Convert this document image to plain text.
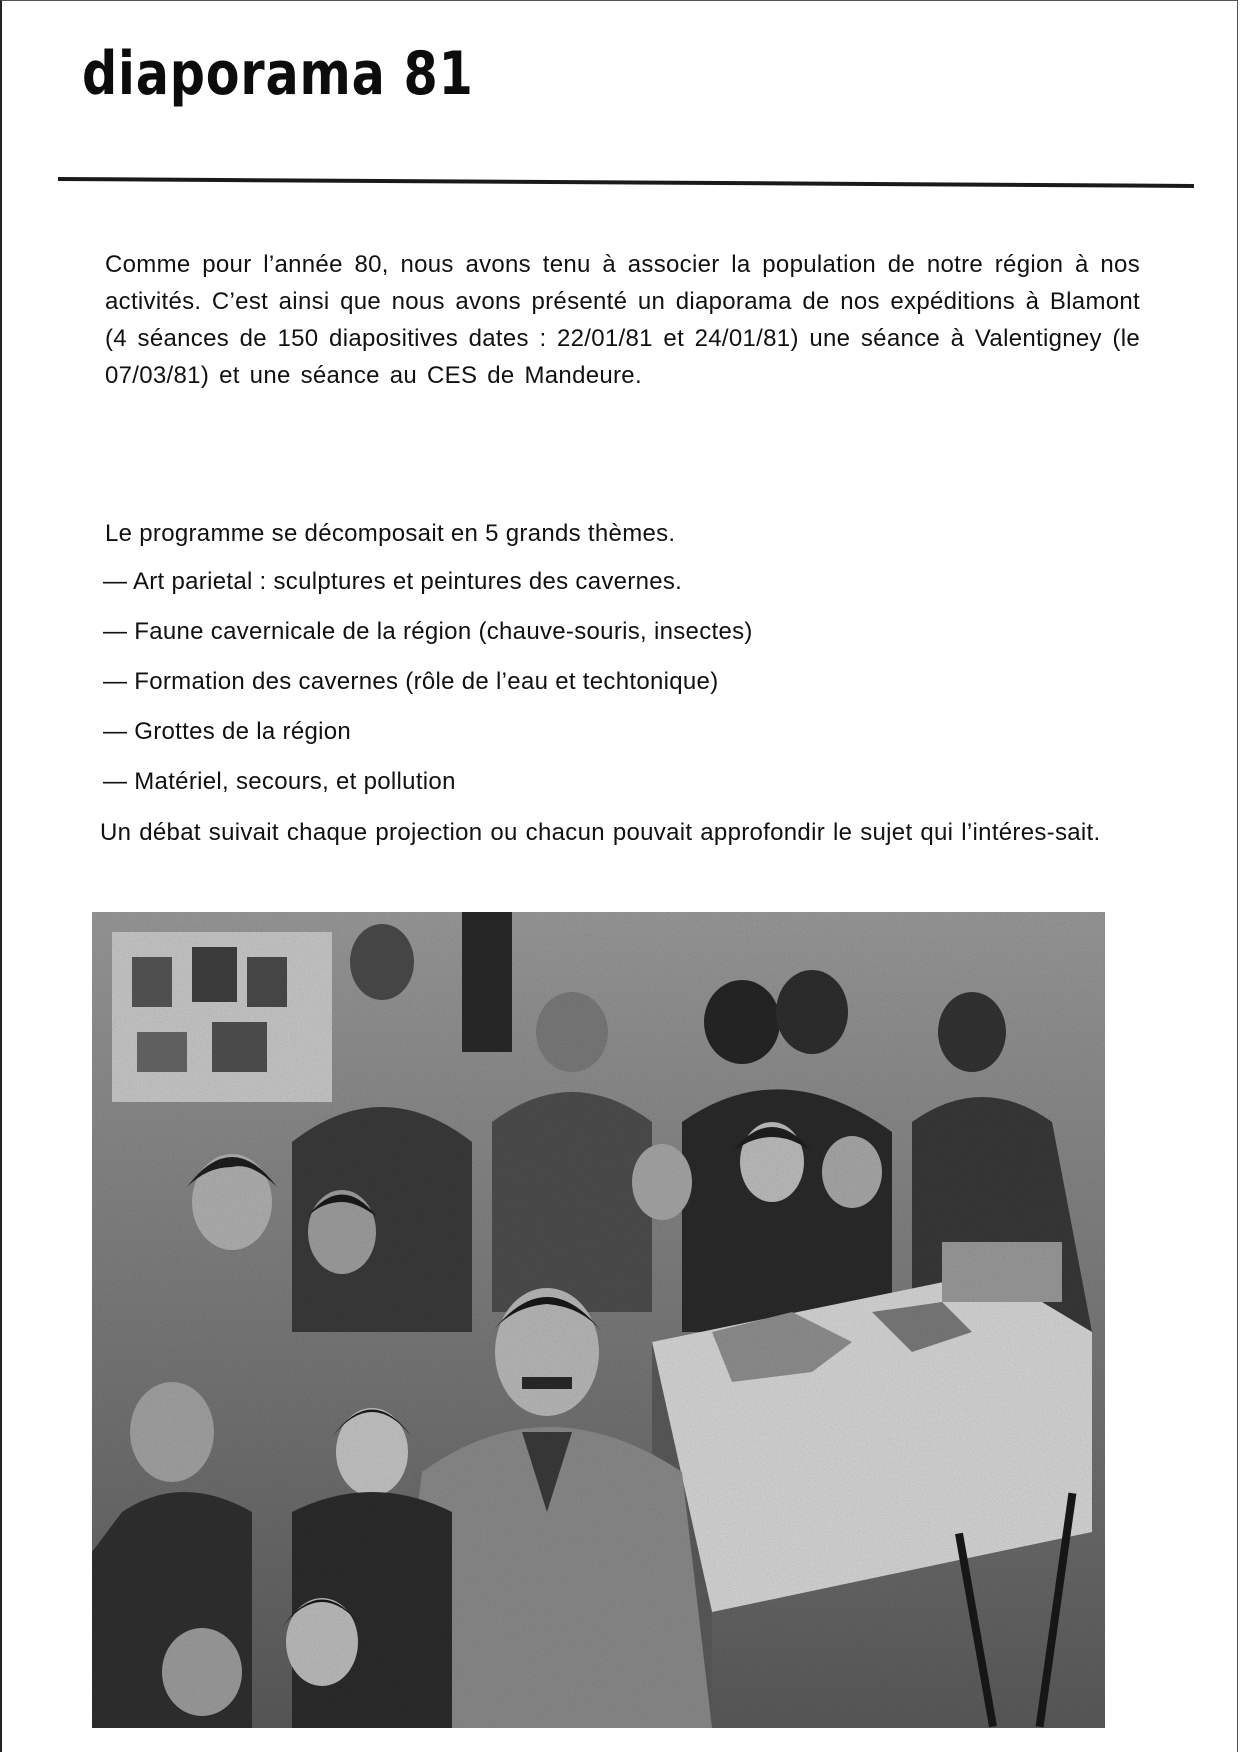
diaporama 81

Comme pour l’année 80, nous avons tenu à associer la population de notre région à nos activités. C’est ainsi que nous avons présenté un diaporama de nos expéditions à Blamont (4 séances de 150 diapositives dates : 22/01/81 et 24/01/81) une séance à Valentigney (le 07/03/81) et une séance au CES de Mandeure.

Le programme se décomposait en 5 grands thèmes.

— Art parietal : sculptures et peintures des cavernes.
— Faune cavernicale de la région (chauve-souris, insectes)
— Formation des cavernes (rôle de l’eau et techtonique)
— Grottes de la région
— Matériel, secours, et pollution

Un débat suivait chaque projection ou chacun pouvait approfondir le sujet qui l’intéres-sait.
